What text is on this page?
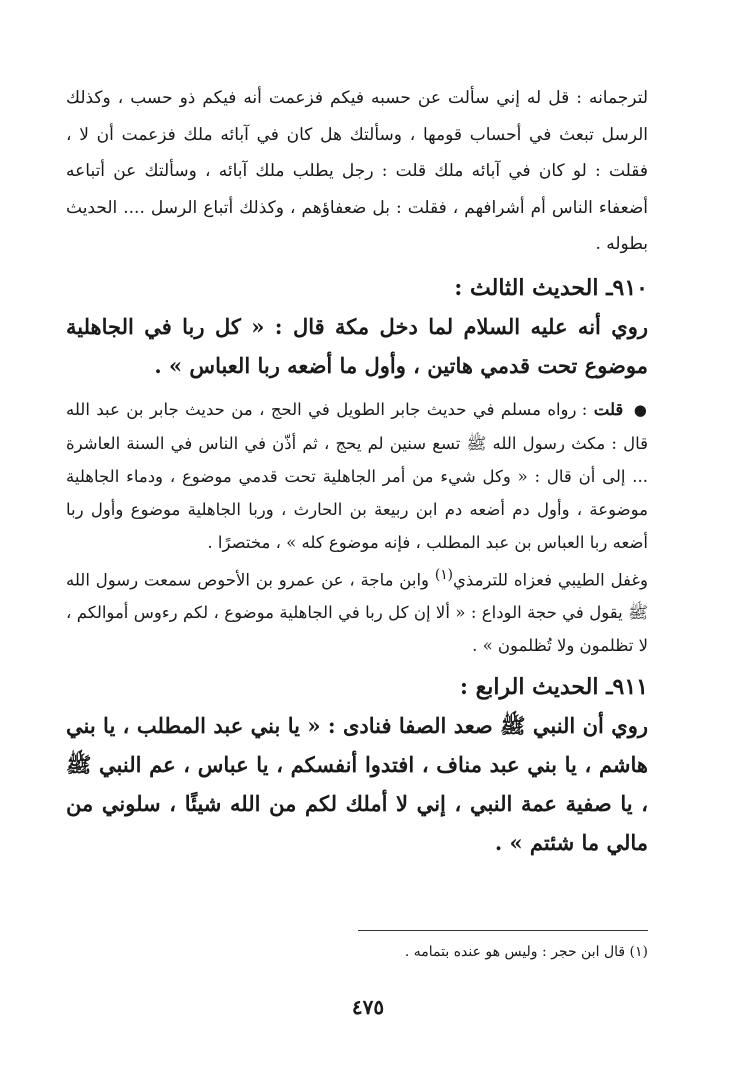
لترجمانه : قل له إني سألت عن حسبه فيكم فزعمت أنه فيكم ذو حسب ، وكذلك الرسل تبعث في أحساب قومها ، وسألتك هل كان في آبائه ملك فزعمت أن لا ، فقلت : لو كان في آبائه ملك قلت : رجل يطلب ملك آبائه ، وسألتك عن أتباعه أضعفاء الناس أم أشرافهم ، فقلت : بل ضعفاؤهم ، وكذلك أتباع الرسل .... الحديث بطوله .

٩١٠ـ الحديث الثالث :

روي أنه عليه السلام لما دخل مكة قال : « كل ربا في الجاهلية موضوع تحت قدمي هاتين ، وأول ما أضعه ربا العباس » .

● قلت : رواه مسلم في حديث جابر الطويل في الحج ، من حديث جابر بن عبد الله قال : مكث رسول الله ﷺ تسع سنين لم يحج ، ثم أذّن في الناس في السنة العاشرة ... إلى أن قال : « وكل شيء من أمر الجاهلية تحت قدمي موضوع ، ودماء الجاهلية موضوعة ، وأول دم أضعه دم ابن ربيعة بن الحارث ، وربا الجاهلية موضوع وأول ربا أضعه ربا العباس بن عبد المطلب ، فإنه موضوع كله » ، مختصرًا .

وغفل الطيبي فعزاه للترمذي$^{(١)}$ وابن ماجة ، عن عمرو بن الأحوص سمعت رسول الله ﷺ يقول في حجة الوداع : « ألا إن كل ربا في الجاهلية موضوع ، لكم رءوس أموالكم ، لا تظلمون ولا تُظلمون » .

٩١١ـ الحديث الرابع :

روي أن النبي ﷺ صعد الصفا فنادى : « يا بني عبد المطلب ، يا بني هاشم ، يا بني عبد مناف ، افتدوا أنفسكم ، يا عباس ، عم النبي ﷺ ، يا صفية عمة النبي ، إني لا أملك لكم من الله شيئًا ، سلوني من مالي ما شئتم » .

(١) قال ابن حجر : وليس هو عنده بتمامه .
٤٧٥
